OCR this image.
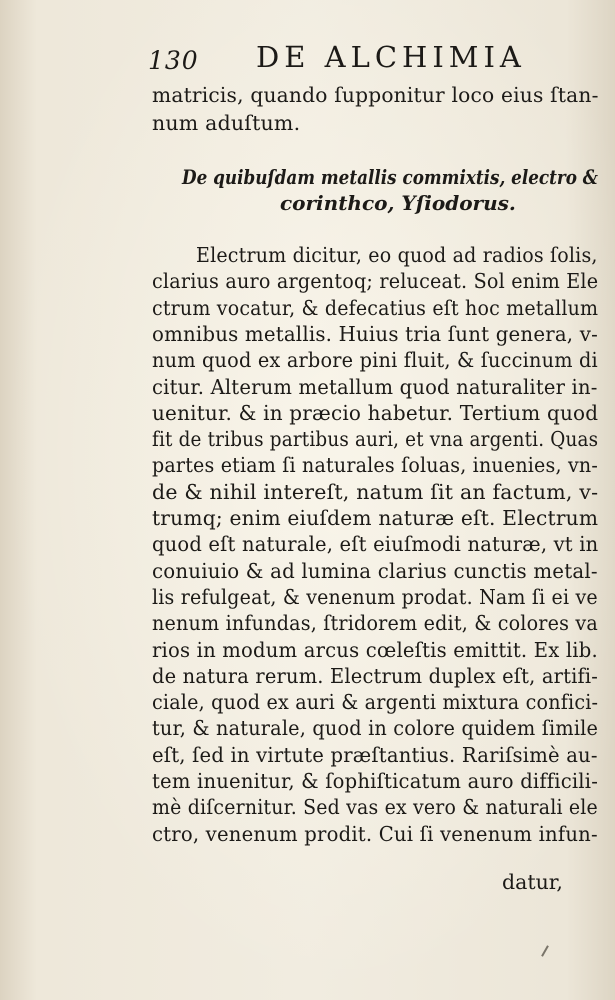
130 DE ALCHIMIA
matricis, quando ſupponitur loco eius ſtan-
num aduſtum.
De quibuſdam metallis commixtis, electro &
corinthco, Yſiodorus.
Electrum dicitur, eo quod ad radios ſolis,
clarius auro argentoq; reluceat. Sol enim Ele
ctrum vocatur, & defecatius eſt hoc metallum
omnibus metallis. Huius tria ſunt genera, v-
num quod ex arbore pini fluit, & ſuccinum di
citur. Alterum metallum quod naturaliter in-
uenitur. & in præcio habetur. Tertium quod
fit de tribus partibus auri, et vna argenti. Quas
partes etiam ſi naturales ſoluas, inuenies, vn-
de & nihil intereſt, natum ſit an factum, v-
trumq; enim eiuſdem naturæ eſt. Electrum
quod eſt naturale, eſt eiuſmodi naturæ, vt in
conuiuio & ad lumina clarius cunctis metal-
lis refulgeat, & venenum prodat. Nam ſi ei ve
nenum infundas, ſtridorem edit, & colores va
rios in modum arcus cœleſtis emittit. Ex lib.
de natura rerum. Electrum duplex eſt, artifi-
ciale, quod ex auri & argenti mixtura confici-
tur, & naturale, quod in colore quidem ſimile
eſt, ſed in virtute præſtantius. Rariſsimè au-
tem inuenitur, & ſophiſticatum auro difficili-
mè diſcernitur. Sed vas ex vero & naturali ele
ctro, venenum prodit. Cui ſi venenum infun-
datur,
